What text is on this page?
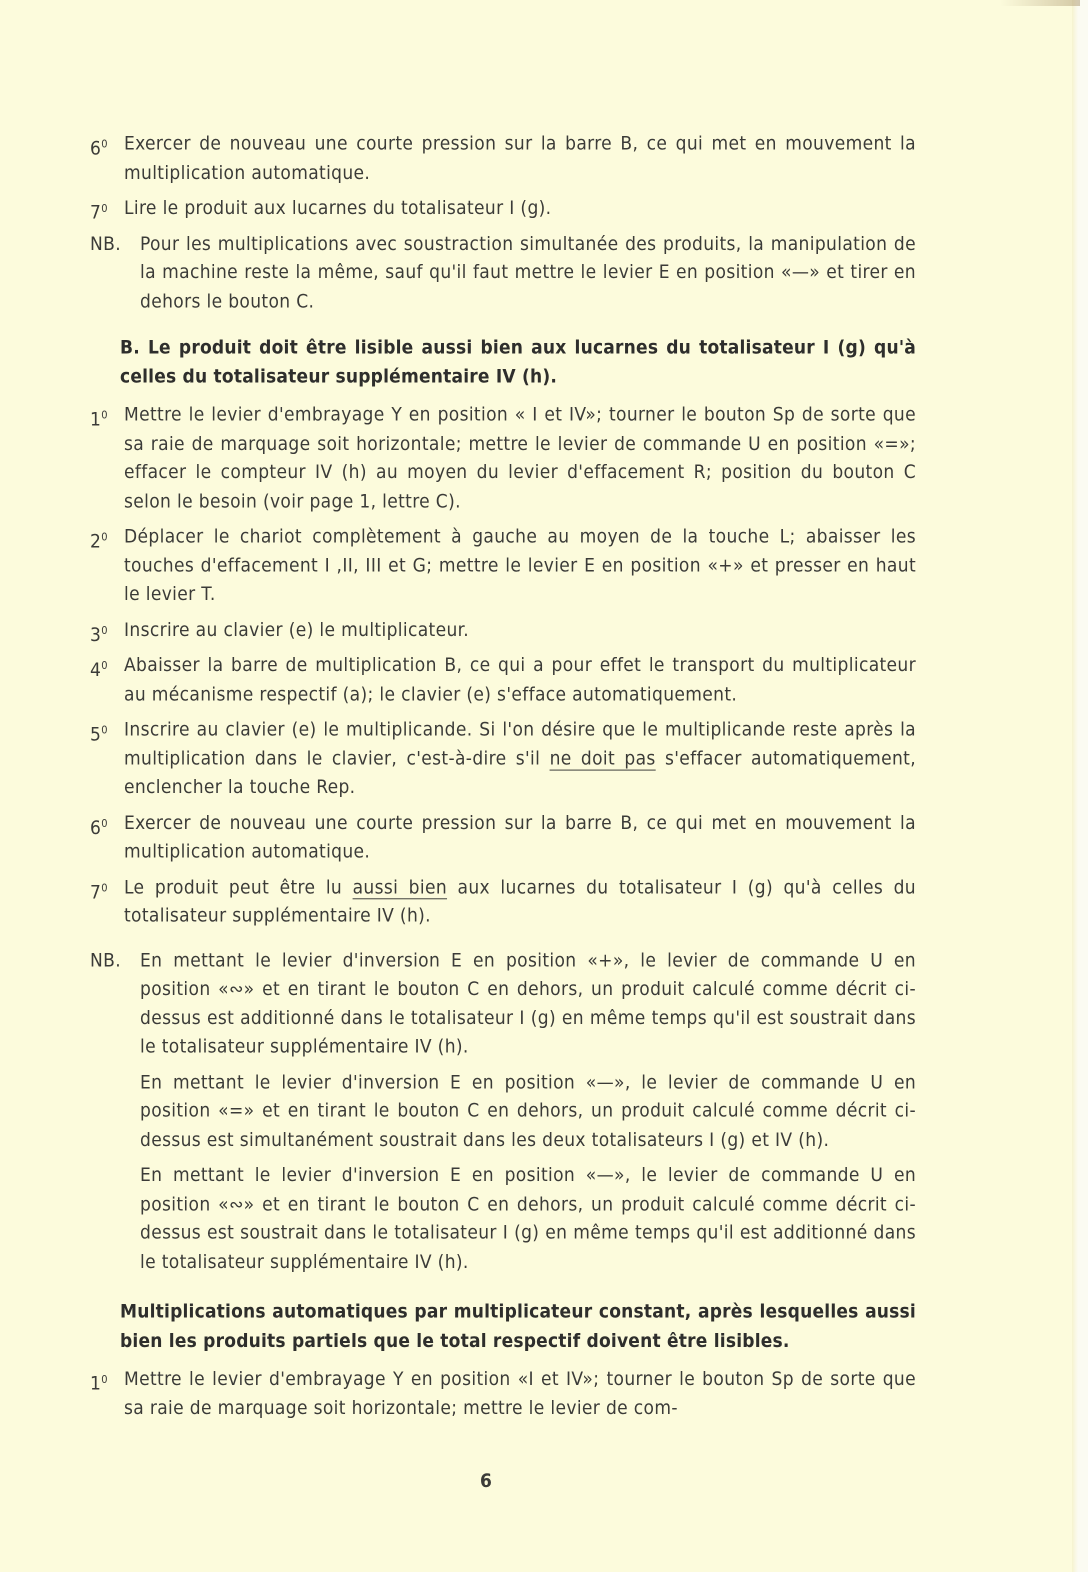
$6^0$ Exercer de nouveau une courte pression sur la barre B, ce qui met en mouvement la multiplication automatique.
$7^0$ Lire le produit aux lucarnes du totalisateur I (g).
NB. Pour les multiplications avec soustraction simultanée des produits, la manipulation de la machine reste la même, sauf qu'il faut mettre le levier E en position «—» et tirer en dehors le bouton C.
B. Le produit doit être lisible aussi bien aux lucarnes du totalisateur I (g) qu'à celles du totalisateur supplémentaire IV (h).
$1^0$ Mettre le levier d'embrayage Y en position « I et IV»; tourner le bouton Sp de sorte que sa raie de marquage soit horizontale; mettre le levier de commande U en position «=»; effacer le compteur IV (h) au moyen du levier d'effacement R; position du bouton C selon le besoin (voir page 1, lettre C).
$2^0$ Déplacer le chariot complètement à gauche au moyen de la touche L; abaisser les touches d'effacement I ,II, III et G; mettre le levier E en position «+» et presser en haut le levier T.
$3^0$ Inscrire au clavier (e) le multiplicateur.
$4^0$ Abaisser la barre de multiplication B, ce qui a pour effet le transport du multiplicateur au mécanisme respectif (a); le clavier (e) s'efface automatiquement.
$5^0$ Inscrire au clavier (e) le multiplicande. Si l'on désire que le multiplicande reste après la multiplication dans le clavier, c'est-à-dire s'il ne doit pas s'effacer automatiquement, enclencher la touche Rep.
$6^0$ Exercer de nouveau une courte pression sur la barre B, ce qui met en mouvement la multiplication automatique.
$7^0$ Le produit peut être lu aussi bien aux lucarnes du totalisateur I (g) qu'à celles du totalisateur supplémentaire IV (h).
NB. En mettant le levier d'inversion E en position «+», le levier de commande U en position «∾» et en tirant le bouton C en dehors, un produit calculé comme décrit ci-dessus est additionné dans le totalisateur I (g) en même temps qu'il est soustrait dans le totalisateur supplémentaire IV (h).
En mettant le levier d'inversion E en position «—», le levier de commande U en position «=» et en tirant le bouton C en dehors, un produit calculé comme décrit ci-dessus est simultanément soustrait dans les deux totalisateurs I (g) et IV (h).
En mettant le levier d'inversion E en position «—», le levier de commande U en position «∾» et en tirant le bouton C en dehors, un produit calculé comme décrit ci-dessus est soustrait dans le totalisateur I (g) en même temps qu'il est additionné dans le totalisateur supplémentaire IV (h).
Multiplications automatiques par multiplicateur constant, après lesquelles aussi bien les produits partiels que le total respectif doivent être lisibles.
$1^0$ Mettre le levier d'embrayage Y en position «I et IV»; tourner le bouton Sp de sorte que sa raie de marquage soit horizontale; mettre le levier de com-
6
